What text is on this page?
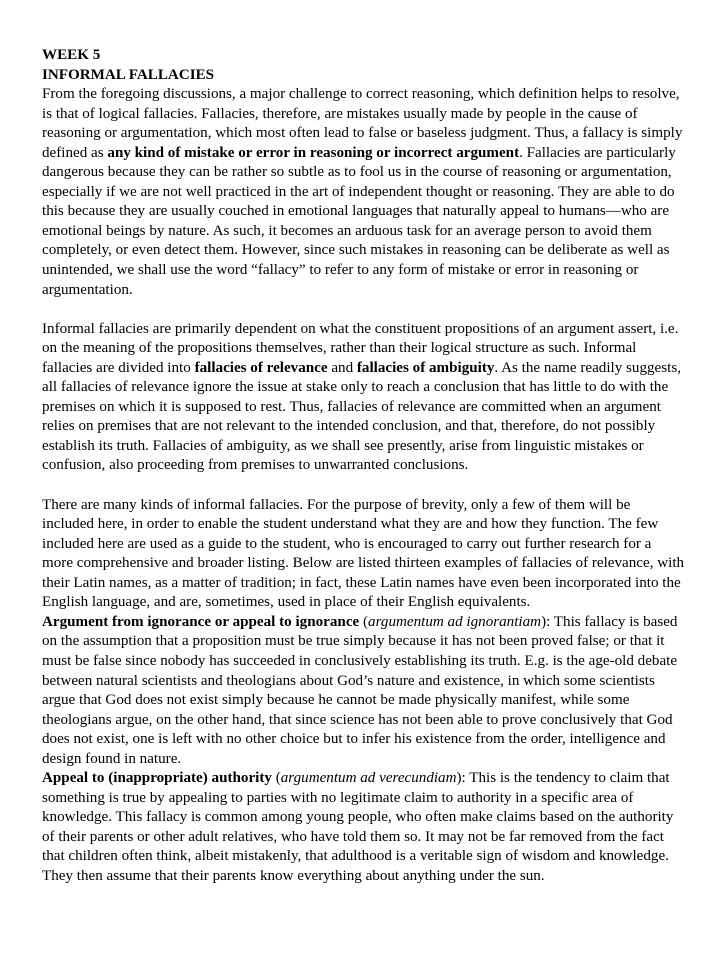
WEEK 5
INFORMAL FALLACIES

From the foregoing discussions, a major challenge to correct reasoning, which definition helps to resolve, is that of logical fallacies. Fallacies, therefore, are mistakes usually made by people in the cause of reasoning or argumentation, which most often lead to false or baseless judgment. Thus, a fallacy is simply defined as any kind of mistake or error in reasoning or incorrect argument. Fallacies are particularly dangerous because they can be rather so subtle as to fool us in the course of reasoning or argumentation, especially if we are not well practiced in the art of independent thought or reasoning. They are able to do this because they are usually couched in emotional languages that naturally appeal to humans—who are emotional beings by nature. As such, it becomes an arduous task for an average person to avoid them completely, or even detect them. However, since such mistakes in reasoning can be deliberate as well as unintended, we shall use the word “fallacy” to refer to any form of mistake or error in reasoning or argumentation.

Informal fallacies are primarily dependent on what the constituent propositions of an argument assert, i.e. on the meaning of the propositions themselves, rather than their logical structure as such. Informal fallacies are divided into fallacies of relevance and fallacies of ambiguity. As the name readily suggests, all fallacies of relevance ignore the issue at stake only to reach a conclusion that has little to do with the premises on which it is supposed to rest. Thus, fallacies of relevance are committed when an argument relies on premises that are not relevant to the intended conclusion, and that, therefore, do not possibly establish its truth. Fallacies of ambiguity, as we shall see presently, arise from linguistic mistakes or confusion, also proceeding from premises to unwarranted conclusions.

There are many kinds of informal fallacies. For the purpose of brevity, only a few of them will be included here, in order to enable the student understand what they are and how they function. The few included here are used as a guide to the student, who is encouraged to carry out further research for a more comprehensive and broader listing. Below are listed thirteen examples of fallacies of relevance, with their Latin names, as a matter of tradition; in fact, these Latin names have even been incorporated into the English language, and are, sometimes, used in place of their English equivalents.

Argument from ignorance or appeal to ignorance (argumentum ad ignorantiam): This fallacy is based on the assumption that a proposition must be true simply because it has not been proved false; or that it must be false since nobody has succeeded in conclusively establishing its truth. E.g. is the age-old debate between natural scientists and theologians about God’s nature and existence, in which some scientists argue that God does not exist simply because he cannot be made physically manifest, while some theologians argue, on the other hand, that since science has not been able to prove conclusively that God does not exist, one is left with no other choice but to infer his existence from the order, intelligence and design found in nature.

Appeal to (inappropriate) authority (argumentum ad verecundiam): This is the tendency to claim that something is true by appealing to parties with no legitimate claim to authority in a specific area of knowledge. This fallacy is common among young people, who often make claims based on the authority of their parents or other adult relatives, who have told them so. It may not be far removed from the fact that children often think, albeit mistakenly, that adulthood is a veritable sign of wisdom and knowledge. They then assume that their parents know everything about anything under the sun.
